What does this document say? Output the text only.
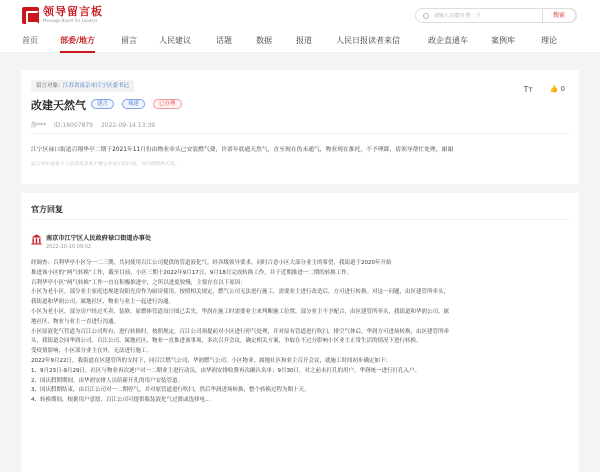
领导留言板
Message Board for Leaders
请输入关键词 搜一下
搜索
首页	部委/地方	留言	人民建议	话题	数据	报道	人民日报读者来信	政企直通车	案例库	理论
留言对象: 江苏省南京市江宁区委书记
改建天然气	建言	城建	已办理
静*** ID:16007879 2022-09-14 13:39
Tт 👍 0
江宁区禄口街道百翔华亭二期于2021年11月份由物业牵头已安装燃气费，许诺年底通天然气，直至现在仍未通气，物业现在推托，不予理睬，请领导帮忙处理，谢谢
留言审中虚每个人信息或其他不便公开届示的内容，仅办理机构可见。
官方回复
南京市江宁区人民政府禄口街道办事处
2022-10-10 09:02

经调查：百利华亭小区分一二三期，共同使用百江公司提供的管道液化气。经各级领导要求，同时合意小区大部分业主的希望，我街道于2020年开始

推进该小区的“两气转换”工作，截至目前，小区三期于2022年9月17日、9月18日完成转换工作，并于近期推进一二期的转换工作。

百利华亭小区“两气转换”工作一直在积极推进中，之所以进度较慢，主要存在以下原因：

小区为老小区，部分业主家庭违规建设阳光房作为厨房使用，按照相关规定，燃气公司无法进行施工，需要业主进行改造后，方可进行转换。对这一问题，由区建管所牵头，

我街道和华润公司、属地社区、物业与业主一起进行沟通。

小区为老小区，部分房户经过买卖、装修，原燃体管道设计图已丢失，华润在施工时需要业主来判断施工位置，部分业主不予配合，由区建管所牵头，我街道和华润公司、属

地社区、物业与业主一直进行沟通。

小区原液化气管道为百江公司所有，进行转换时，按照规定，百江公司须提前对小区进行停气处理，并对原有管道进行吹扫，排空气体后，华润方可进场转换，由区建管所牵

头，我街道会同华润公司、百江公司、属地社区、物业一直推进该事项，多次召开会议，确定相关方案，争取在不过分影响小区业主正常生活的情况下进行转换。

受疫情影响，小区部分业主在外，无法进行施工。

2022年9月22日，我街道在区建管所的支持下，同百江燃气公司、华润燃气公司、小区物业、属地社区和业主召开会议，就施工时间初步确定如下：

1、9月23日-9月29日，社区与物业再次逐户对一二期业主进行动员，由华润安排收费再次确认名单；9月30日，对之前未打孔的用户，华润统一进行打孔入户。

2、国庆假期期间，由华润安排人员给新开孔的用户安装管道。

3、国庆假期结束，由百江公司对一二期停气，并对原管道进行吹扫，然后华润进场转换，整个转换过程为期十天。

4、转换期间，根据用户意愿，百江公司可提供瓶装液化气过渡或选择电...
